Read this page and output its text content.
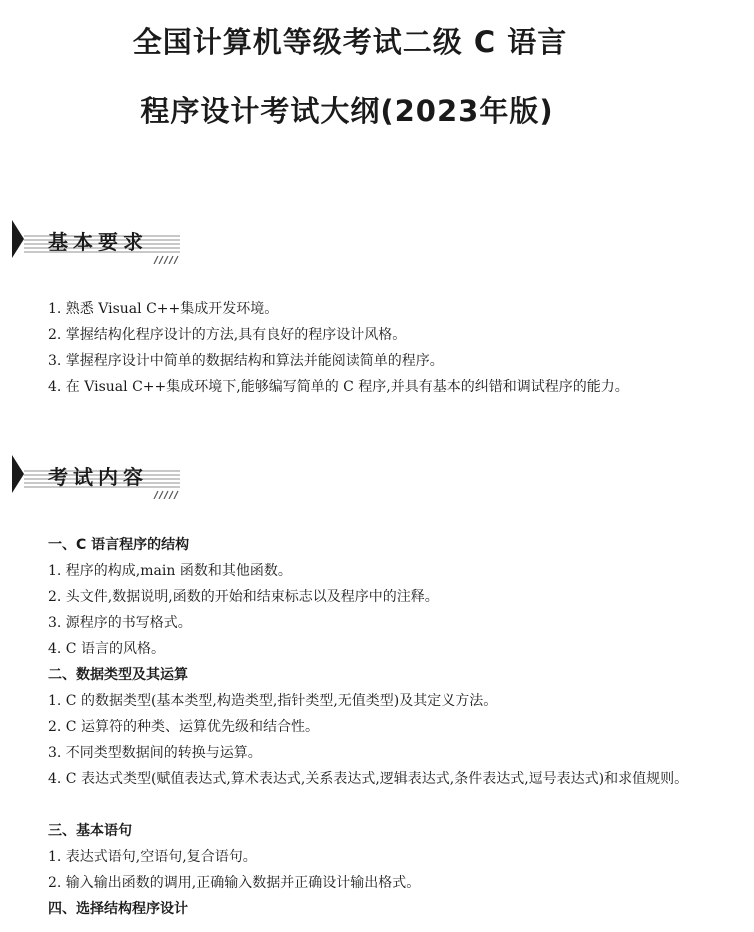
全国计算机等级考试二级 C 语言
程序设计考试大纲(2023年版)
基本要求

1. 熟悉 Visual C++集成开发环境。

2. 掌握结构化程序设计的方法,具有良好的程序设计风格。

3. 掌握程序设计中简单的数据结构和算法并能阅读简单的程序。

4. 在 Visual C++集成环境下,能够编写简单的 C 程序,并具有基本的纠错和调试程序的能力。

考试内容

一、C 语言程序的结构

1. 程序的构成,main 函数和其他函数。

2. 头文件,数据说明,函数的开始和结束标志以及程序中的注释。

3. 源程序的书写格式。

4. C 语言的风格。

二、数据类型及其运算

1. C 的数据类型(基本类型,构造类型,指针类型,无值类型)及其定义方法。

2. C 运算符的种类、运算优先级和结合性。

3. 不同类型数据间的转换与运算。

4. C 表达式类型(赋值表达式,算术表达式,关系表达式,逻辑表达式,条件表达式,逗号表达式)和求值规则。

三、基本语句

1. 表达式语句,空语句,复合语句。

2. 输入输出函数的调用,正确输入数据并正确设计输出格式。

四、选择结构程序设计
